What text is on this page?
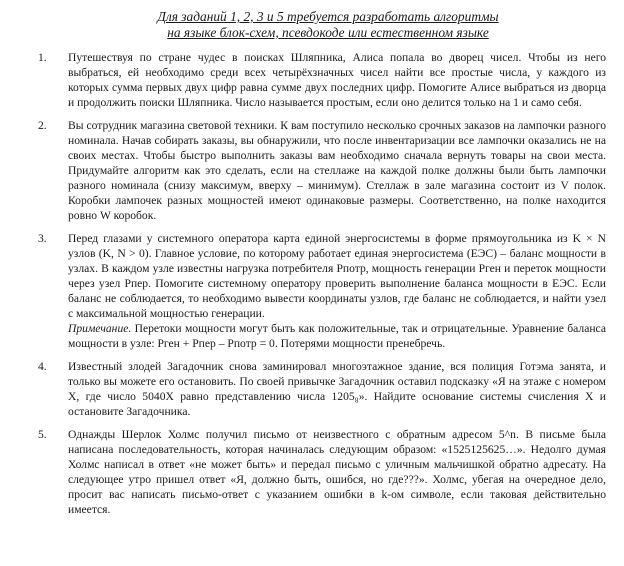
Для заданий 1, 2, 3 и 5 требуется разработать алгоритмы
на языке блок-схем, псевдокоде или естественном языке
1.	Путешествуя по стране чудес в поисках Шляпника, Алиса попала во дворец чисел. Чтобы из него выбраться, ей необходимо среди всех четырёхзначных чисел найти все простые числа, у каждого из которых сумма первых двух цифр равна сумме двух последних цифр. Помогите Алисе выбраться из дворца и продолжить поиски Шляпника. Число называется простым, если оно делится только на 1 и само себя.

2.	Вы сотрудник магазина световой техники. К вам поступило несколько срочных заказов на лампочки разного номинала. Начав собирать заказы, вы обнаружили, что после инвентаризации все лампочки оказались не на своих местах. Чтобы быстро выполнить заказы вам необходимо сначала вернуть товары на свои места. Придумайте алгоритм как это сделать, если на стеллаже на каждой полке должны были быть лампочки разного номинала (снизу максимум, вверху – минимум). Стеллаж в зале магазина состоит из V полок. Коробки лампочек разных мощностей имеют одинаковые размеры. Соответственно, на полке находится ровно W коробок.

3.	Перед глазами у системного оператора карта единой энергосистемы в форме прямоугольника из K × N узлов (K, N > 0). Главное условие, по которому работает единая энергосистема (ЕЭС) – баланс мощности в узлах. В каждом узле известны нагрузка потребителя Pпотр, мощность генерации Pген и переток мощности через узел Pпер. Помогите системному оператору проверить выполнение баланса мощности в ЕЭС. Если баланс не соблюдается, то необходимо вывести координаты узлов, где баланс не соблюдается, и найти узел с максимальной мощностью генерации.

Примечание. Перетоки мощности могут быть как положительные, так и отрицательные. Уравнение баланса мощности в узле: Pген + Pпер – Pпотр = 0. Потерями мощности пренебречь.

4.	Известный злодей Загадочник снова заминировал многоэтажное здание, вся полиция Готэма занята, и только вы можете его остановить. По своей привычке Загадочник оставил подсказку «Я на этаже с номером X, где число 5040X равно представлению числа 1205₈». Найдите основание системы счисления X и остановите Загадочника.

5.	Однажды Шерлок Холмс получил письмо от неизвестного с обратным адресом 5^n. В письме была написана последовательность, которая начиналась следующим образом: «1525125625…». Недолго думая Холмс написал в ответ «не может быть» и передал письмо с уличным мальчишкой обратно адресату. На следующее утро пришел ответ «Я, должно быть, ошибся, но где???». Холмс, убегая на очередное дело, просит вас написать письмо-ответ с указанием ошибки в k-ом символе, если таковая действительно имеется.
